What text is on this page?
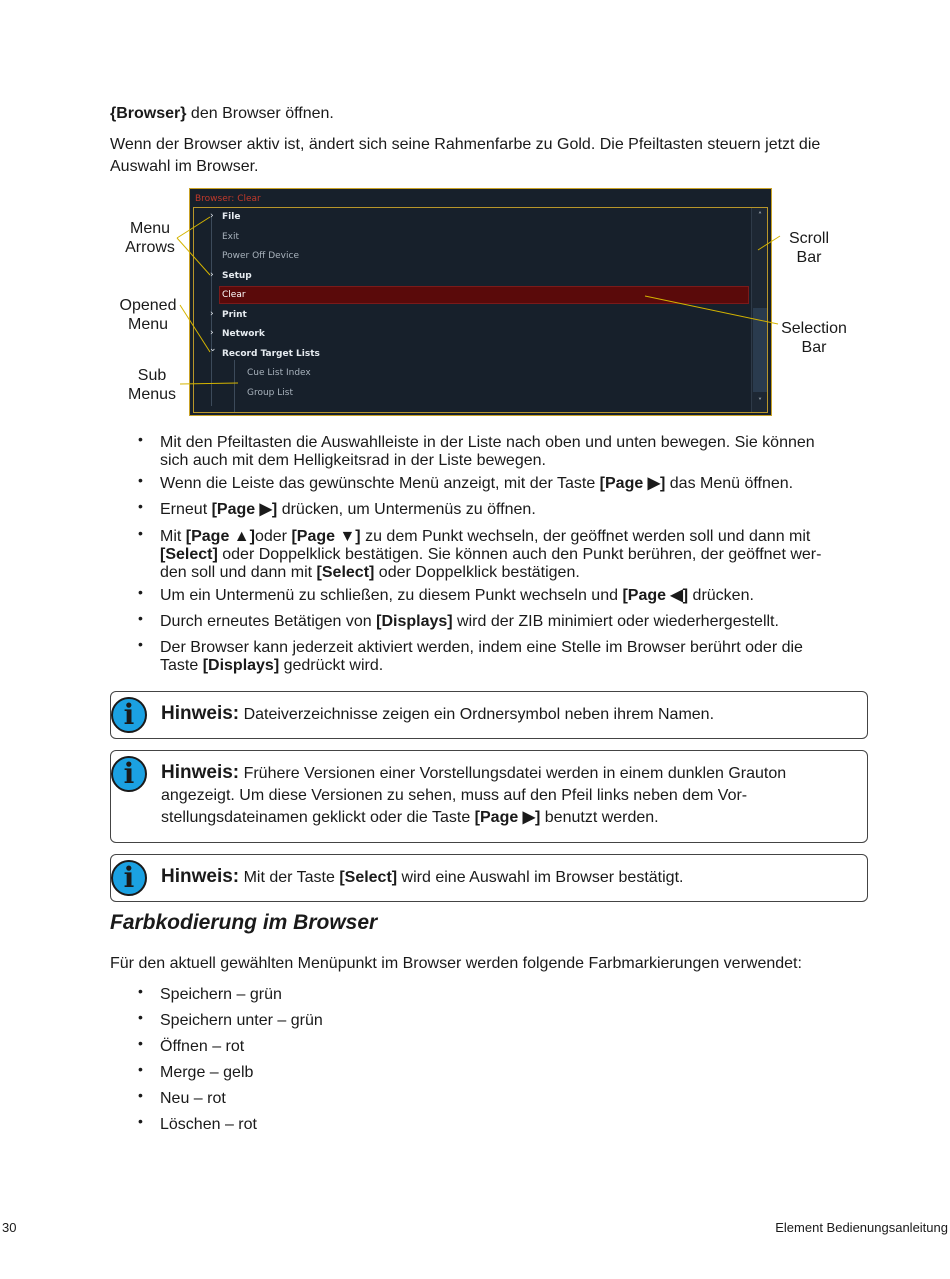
{Browser} den Browser öffnen.
Wenn der Browser aktiv ist, ändert sich seine Rahmenfarbe zu Gold. Die Pfeiltasten steuern jetzt die
Auswahl im Browser.
Browser: Clear
› File
Exit
Power Off Device
› Setup
Clear
› Print
› Network
⌄ Record Target Lists
Cue List Index
Group List
˄
˅
Menu
Arrows
Opened
Menu
Sub
Menus
Scroll
Bar
Selection
Bar
• Mit den Pfeiltasten die Auswahlleiste in der Liste nach oben und unten bewegen. Sie können
sich auch mit dem Helligkeitsrad in der Liste bewegen.
• Wenn die Leiste das gewünschte Menü anzeigt, mit der Taste [Page ▶] das Menü öffnen.
• Erneut [Page ▶] drücken, um Untermenüs zu öffnen.
• Mit [Page ▲]oder [Page ▼] zu dem Punkt wechseln, der geöffnet werden soll und dann mit
[Select] oder Doppelklick bestätigen. Sie können auch den Punkt berühren, der geöffnet wer-
den soll und dann mit [Select] oder Doppelklick bestätigen.
• Um ein Untermenü zu schließen, zu diesem Punkt wechseln und [Page ◀] drücken.
• Durch erneutes Betätigen von [Displays] wird der ZIB minimiert oder wiederhergestellt.
• Der Browser kann jederzeit aktiviert werden, indem eine Stelle im Browser berührt oder die
Taste [Displays] gedrückt wird.
i	Hinweis: Dateiverzeichnisse zeigen ein Ordnersymbol neben ihrem Namen.
i	Hinweis: Frühere Versionen einer Vorstellungsdatei werden in einem dunklen Grauton
angezeigt. Um diese Versionen zu sehen, muss auf den Pfeil links neben dem Vor-
stellungsdateinamen geklickt oder die Taste [Page ▶] benutzt werden.
i	Hinweis: Mit der Taste [Select] wird eine Auswahl im Browser bestätigt.
Farbkodierung im Browser
Für den aktuell gewählten Menüpunkt im Browser werden folgende Farbmarkierungen verwendet:
• Speichern – grün
• Speichern unter – grün
• Öffnen – rot
• Merge – gelb
• Neu – rot
• Löschen – rot
30	Element Bedienungsanleitung
